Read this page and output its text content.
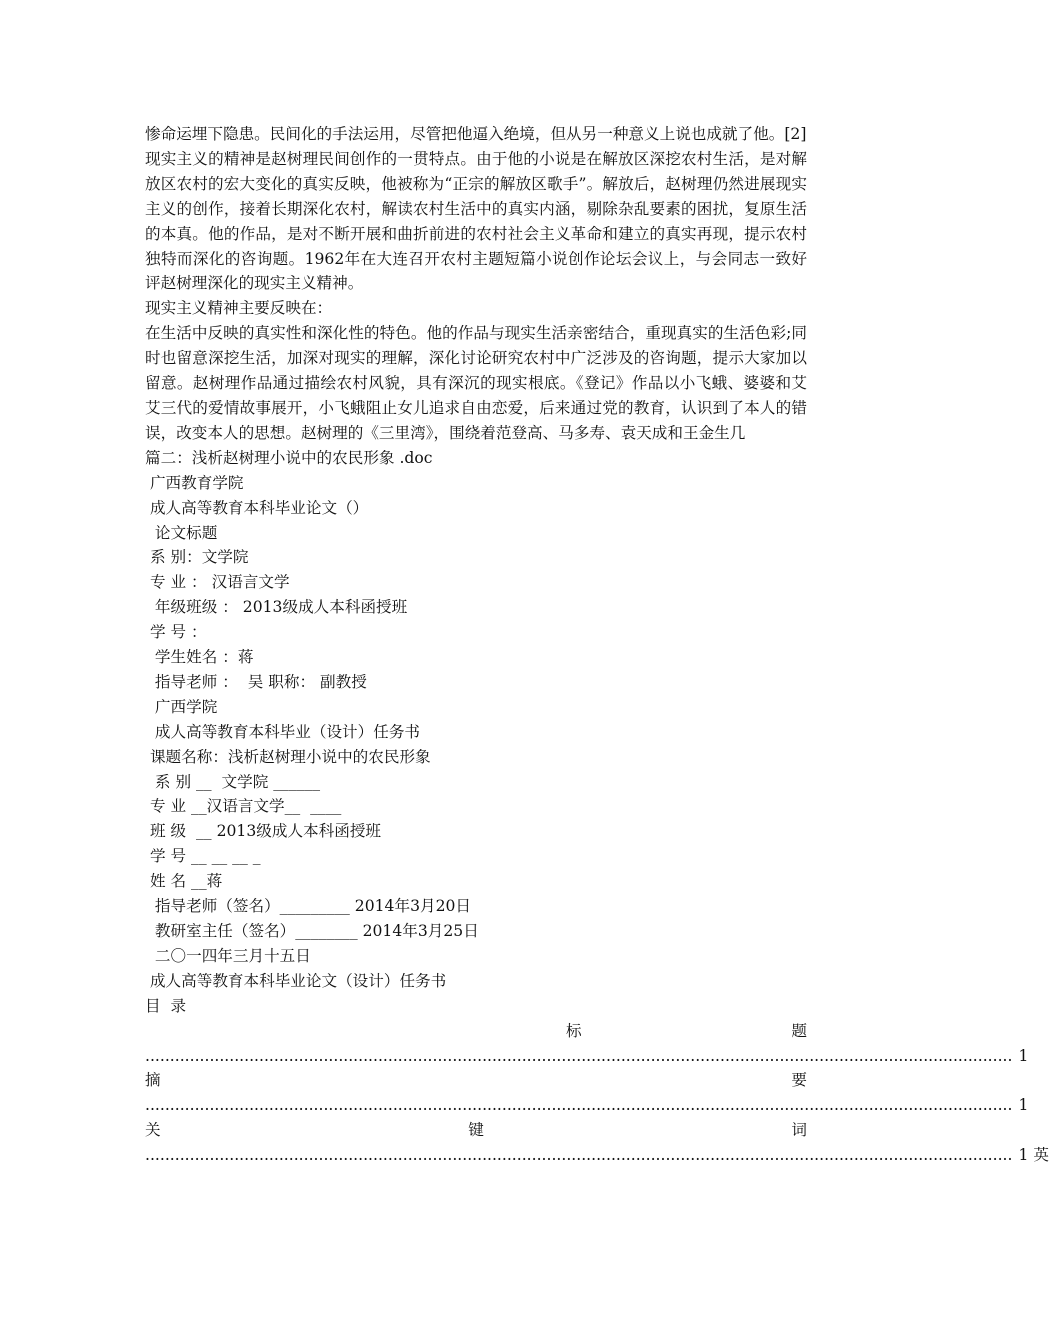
惨命运埋下隐患。民间化的手法运用，尽管把他逼入绝境，但从另一种意义上说也成就了他。[2]

现实主义的精神是赵树理民间创作的一贯特点。由于他的小说是在解放区深挖农村生活，是对解放区农村的宏大变化的真实反映，他被称为“正宗的解放区歌手”。解放后，赵树理仍然进展现实主义的创作，接着长期深化农村，解读农村生活中的真实内涵，剔除杂乱要素的困扰，复原生活的本真。他的作品，是对不断开展和曲折前进的农村社会主义革命和建立的真实再现，提示农村独特而深化的咨询题。1962年在大连召开农村主题短篇小说创作论坛会议上，与会同志一致好评赵树理深化的现实主义精神。

现实主义精神主要反映在：

在生活中反映的真实性和深化性的特色。他的作品与现实生活亲密结合，重现真实的生活色彩;同时也留意深挖生活，加深对现实的理解，深化讨论研究农村中广泛涉及的咨询题，提示大家加以留意。赵树理作品通过描绘农村风貌，具有深沉的现实根底。《登记》作品以小飞蛾、婆婆和艾艾三代的爱情故事展开，小飞蛾阻止女儿追求自由恋爱，后来通过党的教育，认识到了本人的错误，改变本人的思想。赵树理的《三里湾》，围绕着范登高、马多寿、袁天成和王金生几

篇二：浅析赵树理小说中的农民形象 .doc

广西教育学院

成人高等教育本科毕业论文（）

论文标题

系 别：文学院

专 业 ： 汉语言文学

年级班级 ： 2013级成人本科函授班

学 号 ：

学生姓名 ：蒋

指导老师 ：  吴 职称： 副教授

广西学院

成人高等教育本科毕业（设计）任务书

课题名称：浅析赵树理小说中的农民形象

系 别 __  文学院 ______

专 业 __汉语言文学__  ____

班 级  __ 2013级成人本科函授班

学 号 __ __ __ _

姓 名 __蒋

指导老师（签名）_________ 2014年3月20日

教研室主任（签名）________ 2014年3月25日

二〇一四年三月十五日

成人高等教育本科毕业论文（设计）任务书

目  录

标	题
............................................................................................................................................................................... 1
摘	要
............................................................................................................................................................................... 1
关	键	词
............................................................................................................................................................................... 1 英
